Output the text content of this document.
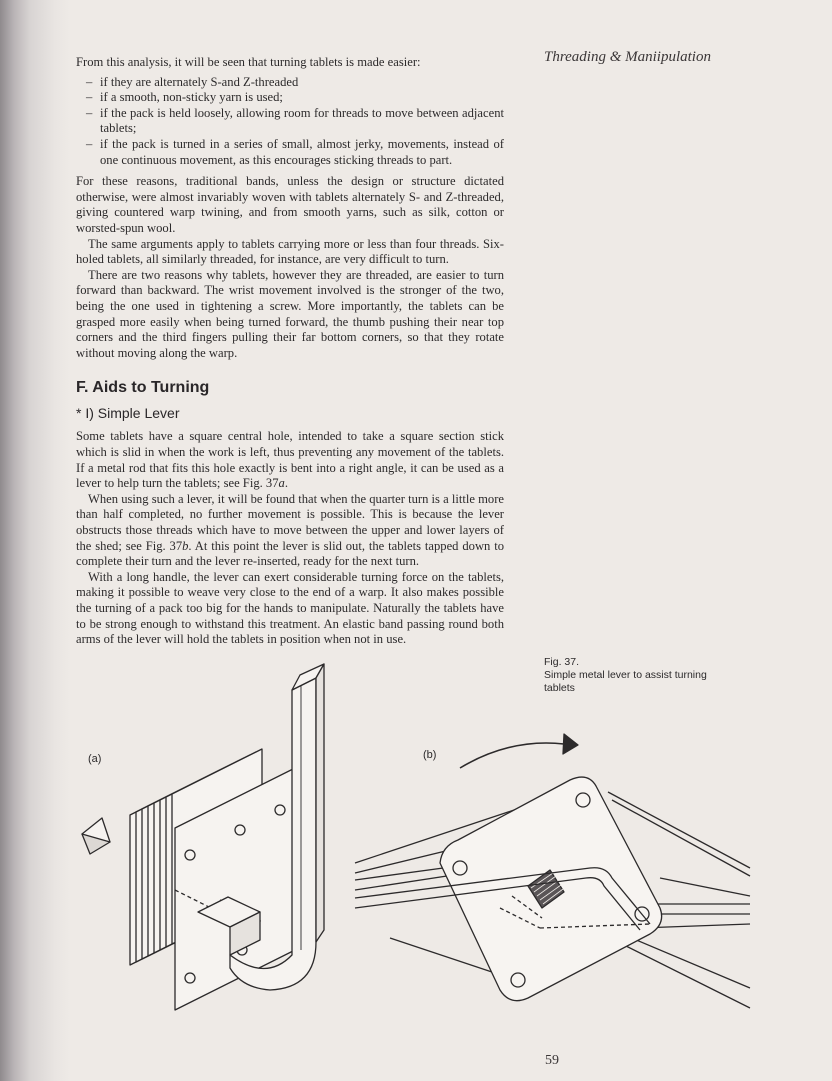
Threading & Maniipulation

From this analysis, it will be seen that turning tablets is made easier:

– if they are alternately S-and Z-threaded
– if a smooth, non-sticky yarn is used;
– if the pack is held loosely, allowing room for threads to move between adjacent tablets;
– if the pack is turned in a series of small, almost jerky, movements, instead of one continuous movement, as this encourages sticking threads to part.

For these reasons, traditional bands, unless the design or structure dictated otherwise, were almost invariably woven with tablets alternately S- and Z-threaded, giving countered warp twining, and from smooth yarns, such as silk, cotton or worsted-spun wool.

The same arguments apply to tablets carrying more or less than four threads. Six-holed tablets, all similarly threaded, for instance, are very difficult to turn.

There are two reasons why tablets, however they are threaded, are easier to turn forward than backward. The wrist movement involved is the stronger of the two, being the one used in tightening a screw. More importantly, the tablets can be grasped more easily when being turned forward, the thumb pushing their near top corners and the third fingers pulling their far bottom corners, so that they rotate without moving along the warp.

F. Aids to Turning
* I) Simple Lever

Some tablets have a square central hole, intended to take a square section stick which is slid in when the work is left, thus preventing any movement of the tablets. If a metal rod that fits this hole exactly is bent into a right angle, it can be used as a lever to help turn the tablets; see Fig. 37a.

When using such a lever, it will be found that when the quarter turn is a little more than half completed, no further movement is possible. This is because the lever obstructs those threads which have to move between the upper and lower layers of the shed; see Fig. 37b. At this point the lever is slid out, the tablets tapped down to complete their turn and the lever re-inserted, ready for the next turn.

With a long handle, the lever can exert considerable turning force on the tablets, making it possible to weave very close to the end of a warp. It also makes possible the turning of a pack too big for the hands to manipulate. Naturally the tablets have to be strong enough to withstand this treatment. An elastic band passing round both arms of the lever will hold the tablets in position when not in use.

Fig. 37.
Simple metal lever to assist turning tablets
(a)	(b)
59
